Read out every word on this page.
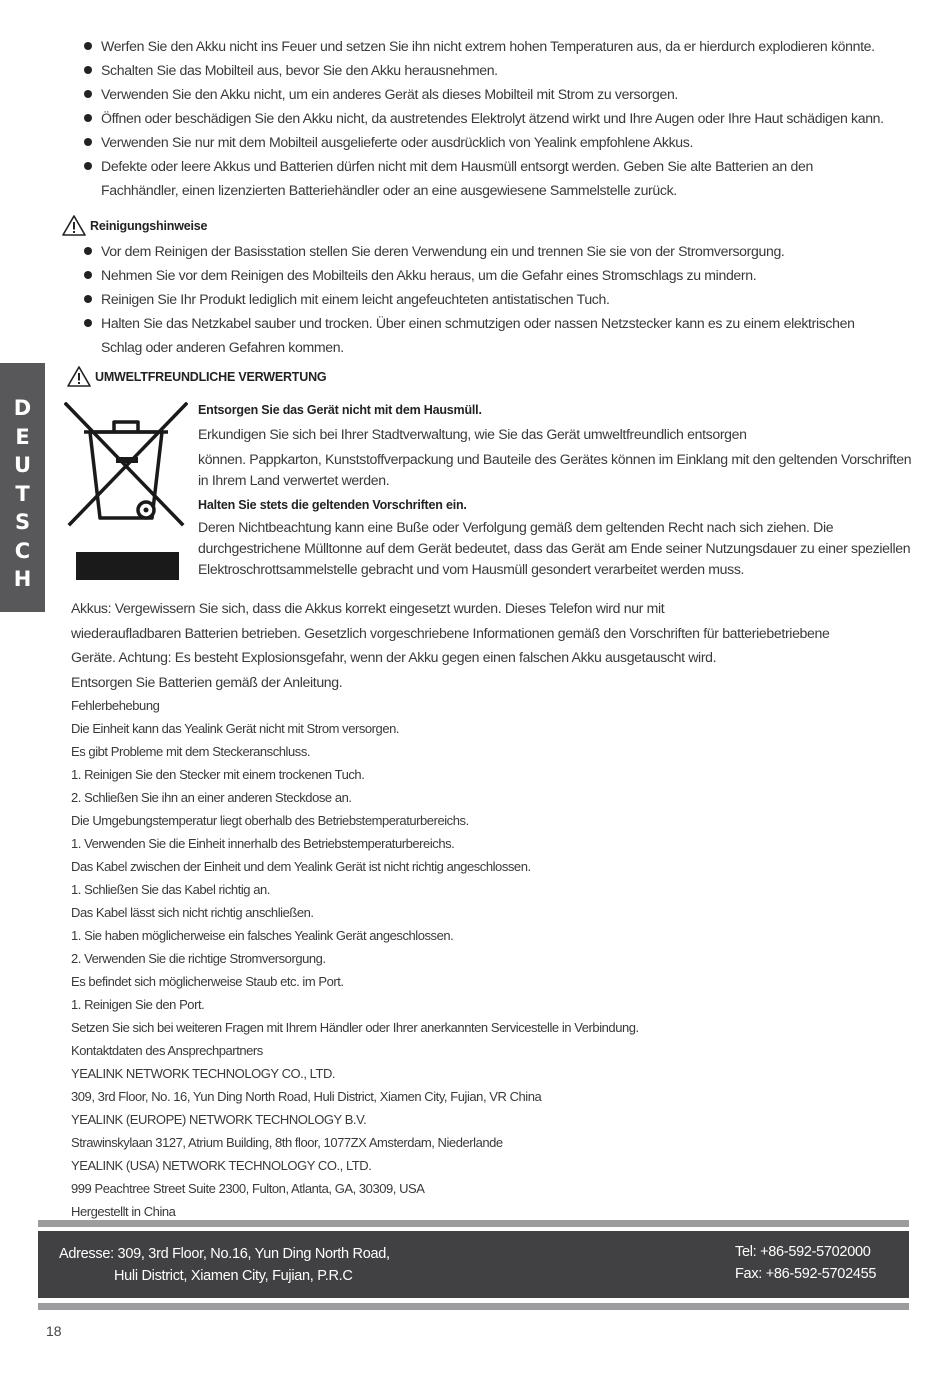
D
E
U
T
S
C
H
Werfen Sie den Akku nicht ins Feuer und setzen Sie ihn nicht extrem hohen Temperaturen aus, da er hierdurch explodieren könnte.
Schalten Sie das Mobilteil aus, bevor Sie den Akku herausnehmen.
Verwenden Sie den Akku nicht, um ein anderes Gerät als dieses Mobilteil mit Strom zu versorgen.
Öffnen oder beschädigen Sie den Akku nicht, da austretendes Elektrolyt ätzend wirkt und Ihre Augen oder Ihre Haut schädigen kann.
Verwenden Sie nur mit dem Mobilteil ausgelieferte oder ausdrücklich von Yealink empfohlene Akkus.
Defekte oder leere Akkus und Batterien dürfen nicht mit dem Hausmüll entsorgt werden. Geben Sie alte Batterien an den Fachhändler, einen lizenzierten Batteriehändler oder an eine ausgewiesene Sammelstelle zurück.
Reinigungshinweise
Vor dem Reinigen der Basisstation stellen Sie deren Verwendung ein und trennen Sie sie von der Stromversorgung.
Nehmen Sie vor dem Reinigen des Mobilteils den Akku heraus, um die Gefahr eines Stromschlags zu mindern.
Reinigen Sie Ihr Produkt lediglich mit einem leicht angefeuchteten antistatischen Tuch.
Halten Sie das Netzkabel sauber und trocken. Über einen schmutzigen oder nassen Netzstecker kann es zu einem elektrischen Schlag oder anderen Gefahren kommen.
UMWELTFREUNDLICHE VERWERTUNG
Entsorgen Sie das Gerät nicht mit dem Hausmüll.
Erkundigen Sie sich bei Ihrer Stadtverwaltung, wie Sie das Gerät umweltfreundlich entsorgen
können. Pappkarton, Kunststoffverpackung und Bauteile des Gerätes können im Einklang mit den geltenden Vorschriften in Ihrem Land verwertet werden.
Halten Sie stets die geltenden Vorschriften ein.
Deren Nichtbeachtung kann eine Buße oder Verfolgung gemäß dem geltenden Recht nach sich ziehen. Die durchgestrichene Mülltonne auf dem Gerät bedeutet, dass das Gerät am Ende seiner Nutzungsdauer zu einer speziellen Elektroschrottsammelstelle gebracht und vom Hausmüll gesondert verarbeitet werden muss.
Akkus: Vergewissern Sie sich, dass die Akkus korrekt eingesetzt wurden. Dieses Telefon wird nur mit
wiederaufladbaren Batterien betrieben. Gesetzlich vorgeschriebene Informationen gemäß den Vorschriften für batteriebetriebene
Geräte. Achtung: Es besteht Explosionsgefahr, wenn der Akku gegen einen falschen Akku ausgetauscht wird.
Entsorgen Sie Batterien gemäß der Anleitung.
Fehlerbehebung
Die Einheit kann das Yealink Gerät nicht mit Strom versorgen.
Es gibt Probleme mit dem Steckeranschluss.
1. Reinigen Sie den Stecker mit einem trockenen Tuch.
2. Schließen Sie ihn an einer anderen Steckdose an.
Die Umgebungstemperatur liegt oberhalb des Betriebstemperaturbereichs.
1. Verwenden Sie die Einheit innerhalb des Betriebstemperaturbereichs.
Das Kabel zwischen der Einheit und dem Yealink Gerät ist nicht richtig angeschlossen.
1. Schließen Sie das Kabel richtig an.
Das Kabel lässt sich nicht richtig anschließen.
1. Sie haben möglicherweise ein falsches Yealink Gerät angeschlossen.
2. Verwenden Sie die richtige Stromversorgung.
Es befindet sich möglicherweise Staub etc. im Port.
1. Reinigen Sie den Port.
Setzen Sie sich bei weiteren Fragen mit Ihrem Händler oder Ihrer anerkannten Servicestelle in Verbindung.
Kontaktdaten des Ansprechpartners
YEALINK NETWORK TECHNOLOGY CO., LTD.
309, 3rd Floor, No. 16, Yun Ding North Road, Huli District, Xiamen City, Fujian, VR China
YEALINK (EUROPE) NETWORK TECHNOLOGY B.V.
Strawinskylaan 3127, Atrium Building, 8th floor, 1077ZX Amsterdam, Niederlande
YEALINK (USA) NETWORK TECHNOLOGY CO., LTD.
999 Peachtree Street Suite 2300, Fulton, Atlanta, GA, 30309, USA
Hergestellt in China
Adresse: 309, 3rd Floor, No.16, Yun Ding North Road,
Huli District, Xiamen City, Fujian, P.R.C
Tel: +86-592-5702000
Fax: +86-592-5702455
18
